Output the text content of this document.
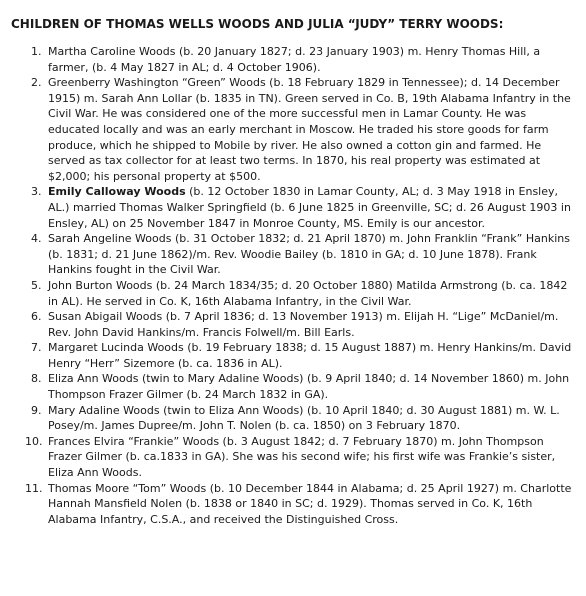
CHILDREN OF THOMAS WELLS WOODS AND JULIA “JUDY” TERRY WOODS:
1. Martha Caroline Woods (b. 20 January 1827; d. 23 January 1903) m. Henry Thomas Hill, a farmer, (b. 4 May 1827 in AL; d. 4 October 1906).
2. Greenberry Washington “Green” Woods (b. 18 February 1829 in Tennessee); d. 14 December 1915) m. Sarah Ann Lollar (b. 1835 in TN). Green served in Co. B, 19th Alabama Infantry in the Civil War. He was considered one of the more successful men in Lamar County. He was educated locally and was an early merchant in Moscow. He traded his store goods for farm produce, which he shipped to Mobile by river. He also owned a cotton gin and farmed. He served as tax collector for at least two terms. In 1870, his real property was estimated at $2,000; his personal property at $500.
3. Emily Calloway Woods (b. 12 October 1830 in Lamar County, AL; d. 3 May 1918 in Ensley, AL.) married Thomas Walker Springfield (b. 6 June 1825 in Greenville, SC; d. 26 August 1903 in Ensley, AL) on 25 November 1847 in Monroe County, MS. Emily is our ancestor.
4. Sarah Angeline Woods (b. 31 October 1832; d. 21 April 1870) m. John Franklin “Frank” Hankins (b. 1831; d. 21 June 1862)/m. Rev. Woodie Bailey (b. 1810 in GA; d. 10 June 1878). Frank Hankins fought in the Civil War.
5. John Burton Woods (b. 24 March 1834/35; d. 20 October 1880) Matilda Armstrong (b. ca. 1842 in AL). He served in Co. K, 16th Alabama Infantry, in the Civil War.
6. Susan Abigail Woods (b. 7 April 1836; d. 13 November 1913) m. Elijah H. “Lige” McDaniel/m. Rev. John David Hankins/m. Francis Folwell/m. Bill Earls.
7. Margaret Lucinda Woods (b. 19 February 1838; d. 15 August 1887) m. Henry Hankins/m. David Henry “Herr” Sizemore (b. ca. 1836 in AL).
8. Eliza Ann Woods (twin to Mary Adaline Woods) (b. 9 April 1840; d. 14 November 1860) m. John Thompson Frazer Gilmer (b. 24 March 1832 in GA).
9. Mary Adaline Woods (twin to Eliza Ann Woods) (b. 10 April 1840; d. 30 August 1881) m. W. L. Posey/m. James Dupree/m. John T. Nolen (b. ca. 1850) on 3 February 1870.
10. Frances Elvira “Frankie” Woods (b. 3 August 1842; d. 7 February 1870) m. John Thompson Frazer Gilmer (b. ca.1833 in GA). She was his second wife; his first wife was Frankie’s sister, Eliza Ann Woods.
11. Thomas Moore “Tom” Woods (b. 10 December 1844 in Alabama; d. 25 April 1927) m. Charlotte Hannah Mansfield Nolen (b. 1838 or 1840 in SC; d. 1929). Thomas served in Co. K, 16th Alabama Infantry, C.S.A., and received the Distinguished Cross.
